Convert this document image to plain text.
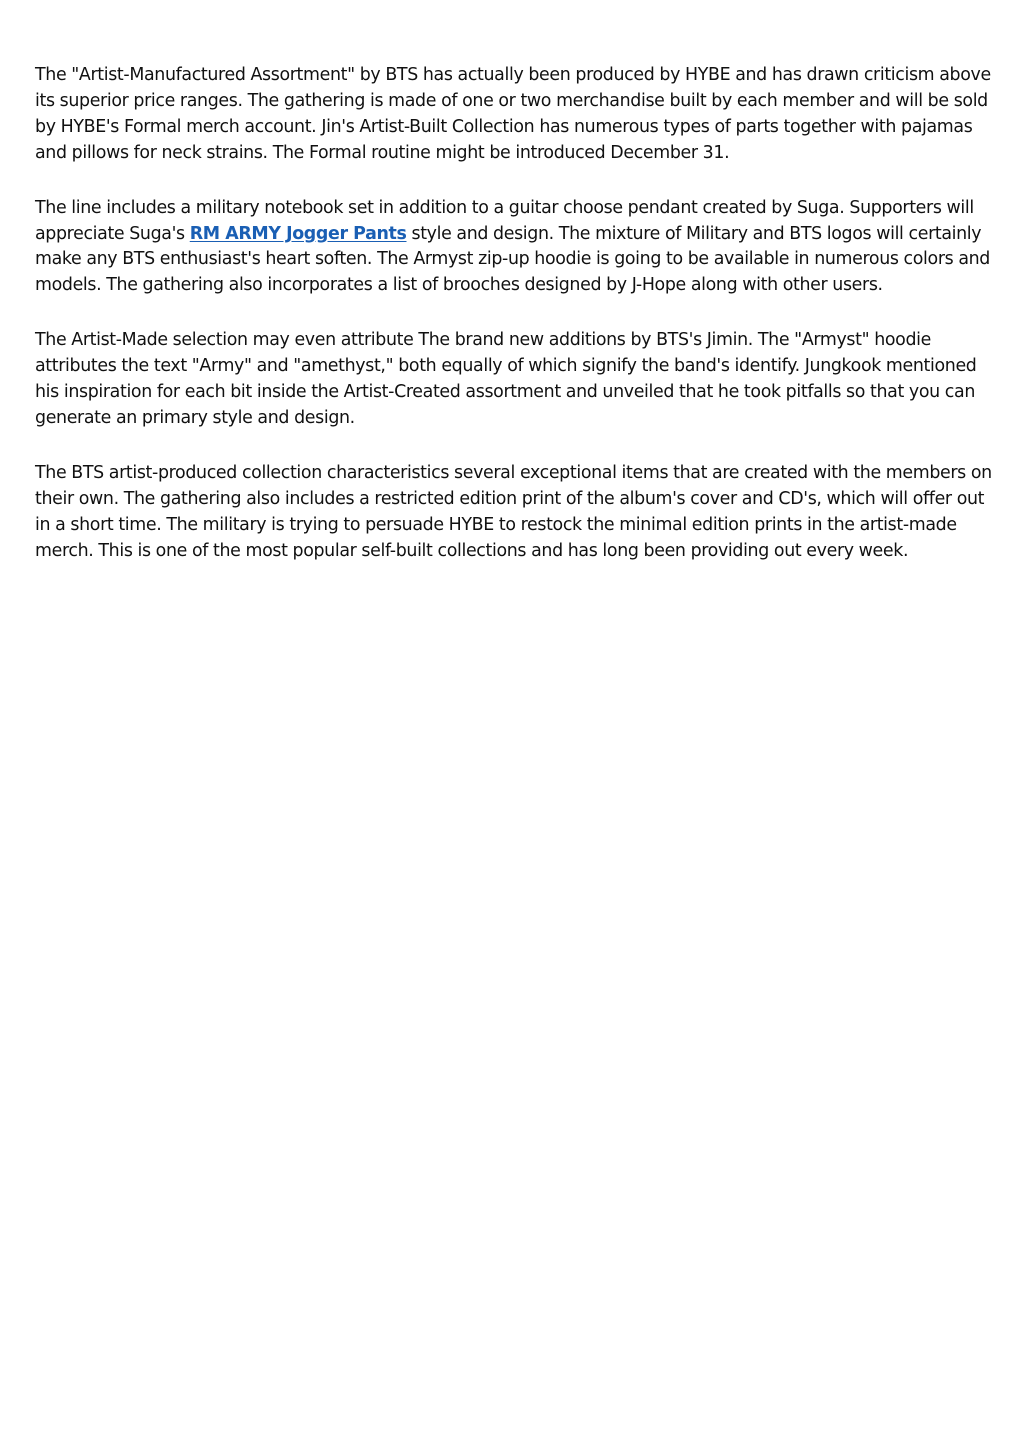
The "Artist-Manufactured Assortment" by BTS has actually been produced by HYBE and has drawn criticism above its superior price ranges. The gathering is made of one or two merchandise built by each member and will be sold by HYBE's Formal merch account. Jin's Artist-Built Collection has numerous types of parts together with pajamas and pillows for neck strains. The Formal routine might be introduced December 31.

The line includes a military notebook set in addition to a guitar choose pendant created by Suga. Supporters will appreciate Suga's RM ARMY Jogger Pants style and design. The mixture of Military and BTS logos will certainly make any BTS enthusiast's heart soften. The Armyst zip-up hoodie is going to be available in numerous colors and models. The gathering also incorporates a list of brooches designed by J-Hope along with other users.

The Artist-Made selection may even attribute The brand new additions by BTS's Jimin. The "Armyst" hoodie attributes the text "Army" and "amethyst," both equally of which signify the band's identify. Jungkook mentioned his inspiration for each bit inside the Artist-Created assortment and unveiled that he took pitfalls so that you can generate an primary style and design.

The BTS artist-produced collection characteristics several exceptional items that are created with the members on their own. The gathering also includes a restricted edition print of the album's cover and CD's, which will offer out in a short time. The military is trying to persuade HYBE to restock the minimal edition prints in the artist-made merch. This is one of the most popular self-built collections and has long been providing out every week.
